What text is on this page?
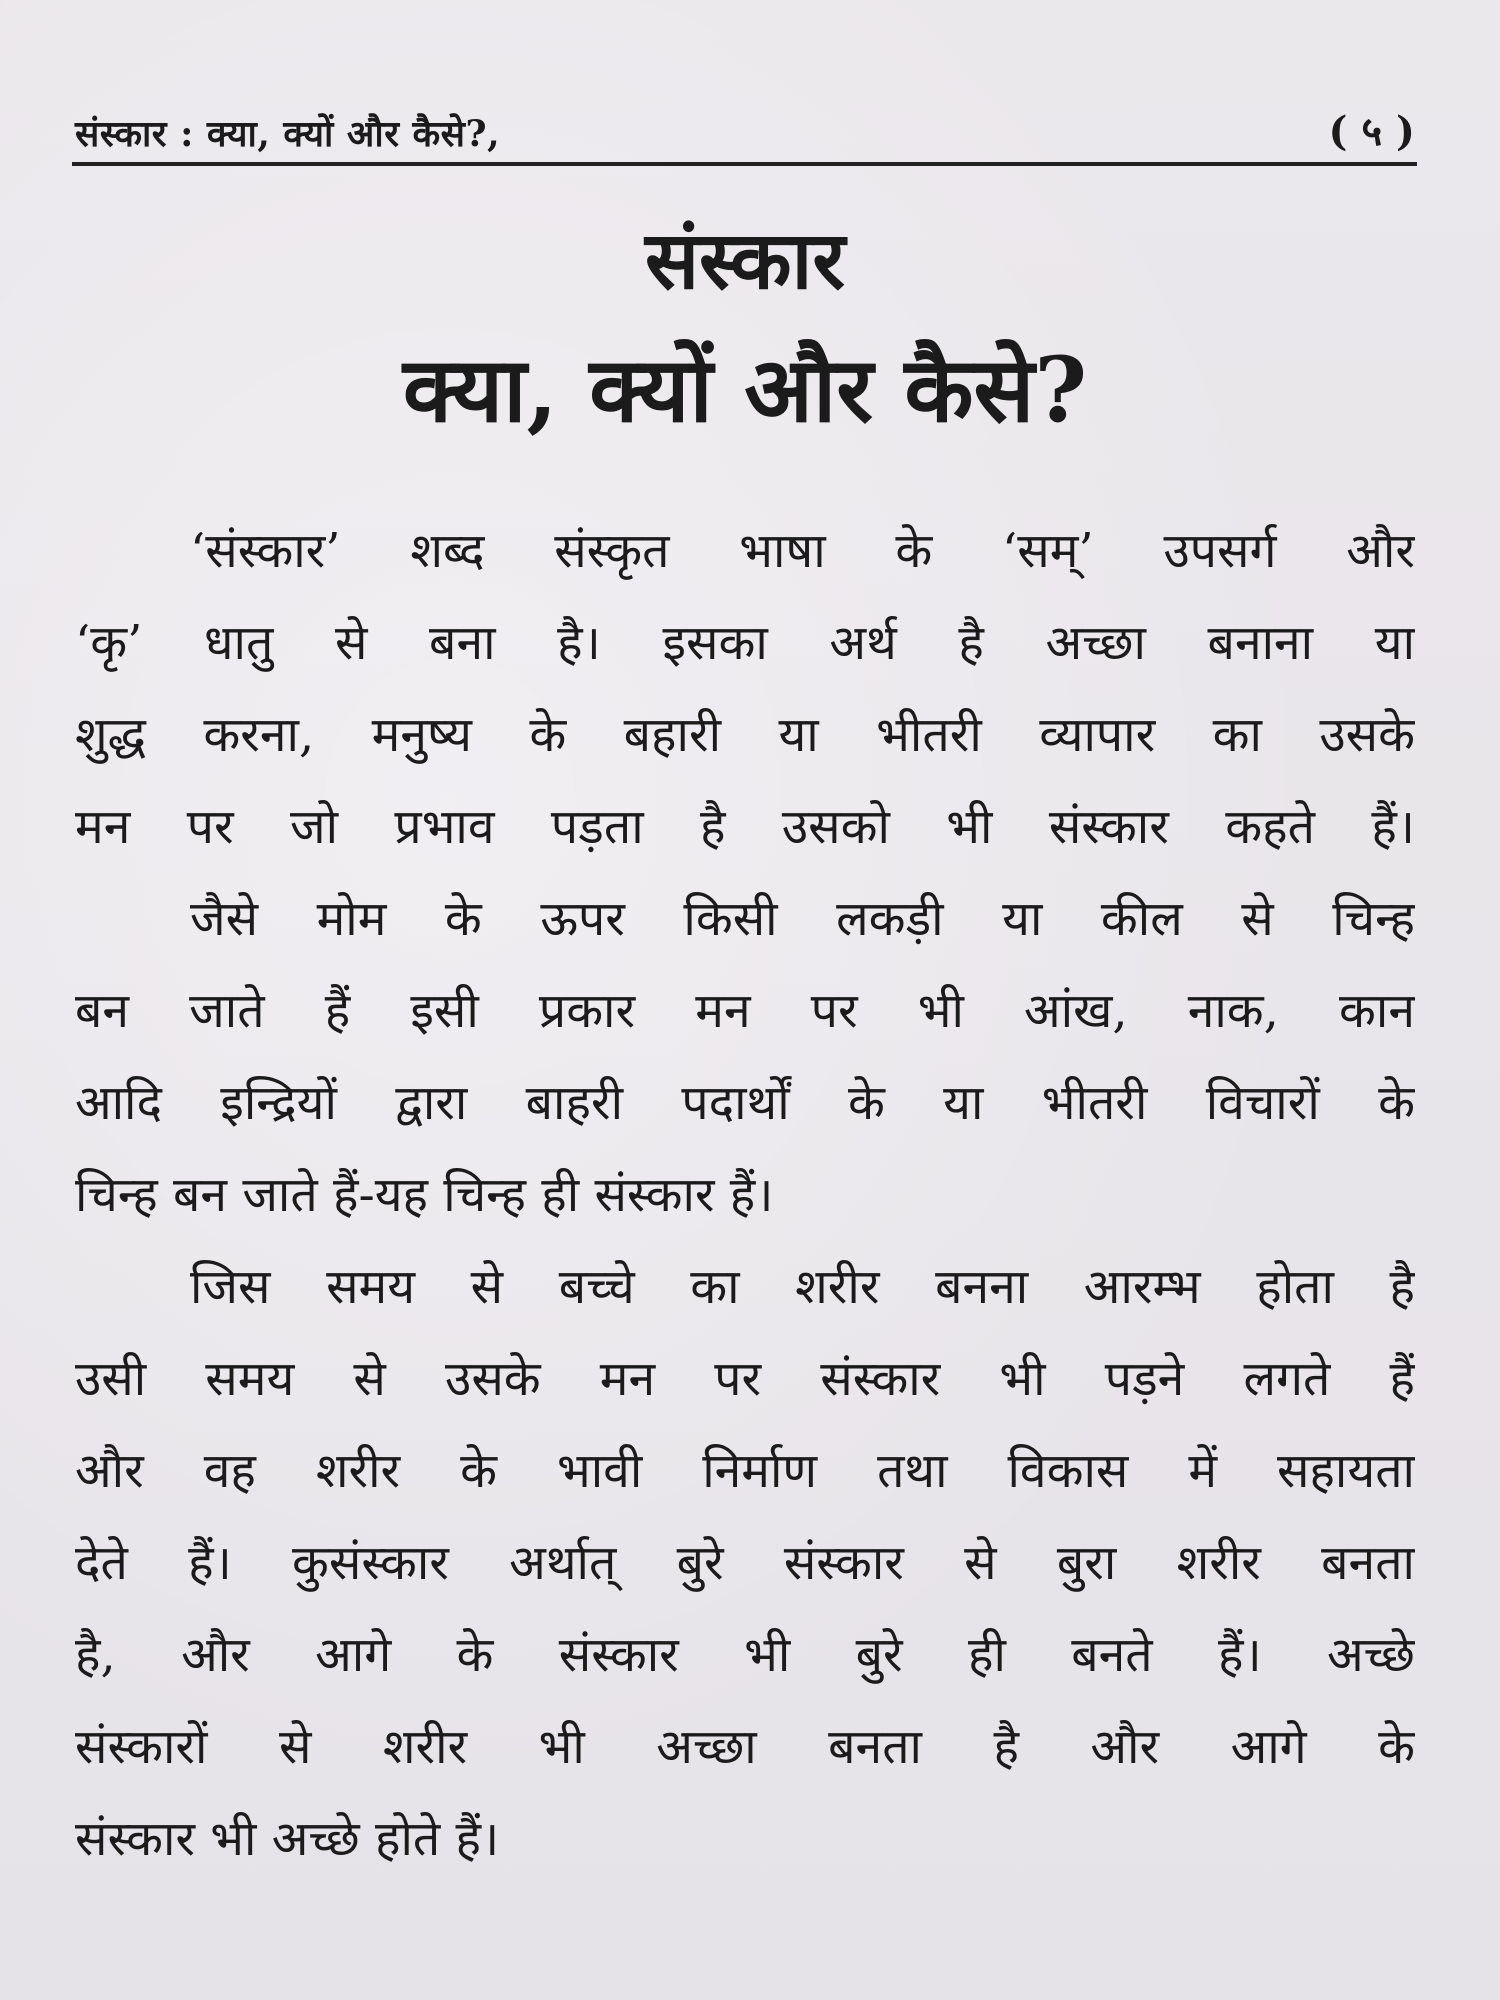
संस्कार : क्या, क्यों और कैसे?,	( ५ )
संस्कार
क्या, क्यों और कैसे?
‘संस्कार’ शब्द संस्कृत भाषा के ‘सम्’ उपसर्ग और
‘कृ’ धातु से बना है। इसका अर्थ है अच्छा बनाना या
शुद्ध करना, मनुष्य के बहारी या भीतरी व्यापार का उसके
मन पर जो प्रभाव पड़ता है उसको भी संस्कार कहते हैं।
जैसे मोम के ऊपर किसी लकड़ी या कील से चिन्ह
बन जाते हैं इसी प्रकार मन पर भी आंख, नाक, कान
आदि इन्द्रियों द्वारा बाहरी पदार्थों के या भीतरी विचारों के
चिन्ह बन जाते हैं-यह चिन्ह ही संस्कार हैं।
जिस समय से बच्चे का शरीर बनना आरम्भ होता है
उसी समय से उसके मन पर संस्कार भी पड़ने लगते हैं
और वह शरीर के भावी निर्माण तथा विकास में सहायता
देते हैं। कुसंस्कार अर्थात् बुरे संस्कार से बुरा शरीर बनता
है, और आगे के संस्कार भी बुरे ही बनते हैं। अच्छे
संस्कारों से शरीर भी अच्छा बनता है और आगे के
संस्कार भी अच्छे होते हैं।
